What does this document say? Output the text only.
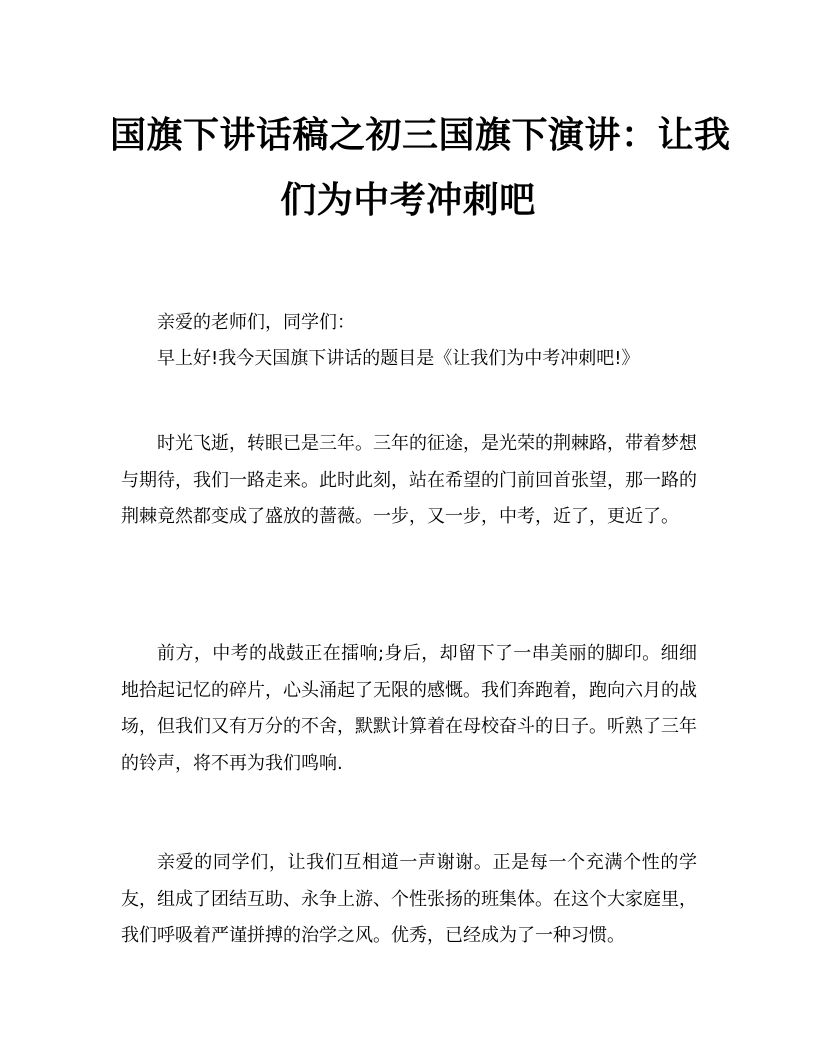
国旗下讲话稿之初三国旗下演讲：让我
们为中考冲刺吧

亲爱的老师们，同学们：

早上好!我今天国旗下讲话的题目是《让我们为中考冲刺吧!》

时光飞逝，转眼已是三年。三年的征途，是光荣的荆棘路，带着梦想与期待，我们一路走来。此时此刻，站在希望的门前回首张望，那一路的荆棘竟然都变成了盛放的蔷薇。一步，又一步，中考，近了，更近了。

前方，中考的战鼓正在擂响;身后，却留下了一串美丽的脚印。细细地拾起记忆的碎片，心头涌起了无限的感慨。我们奔跑着，跑向六月的战场，但我们又有万分的不舍，默默计算着在母校奋斗的日子。听熟了三年的铃声，将不再为我们鸣响.

亲爱的同学们，让我们互相道一声谢谢。正是每一个充满个性的学友，组成了团结互助、永争上游、个性张扬的班集体。在这个大家庭里，我们呼吸着严谨拼搏的治学之风。优秀，已经成为了一种习惯。
